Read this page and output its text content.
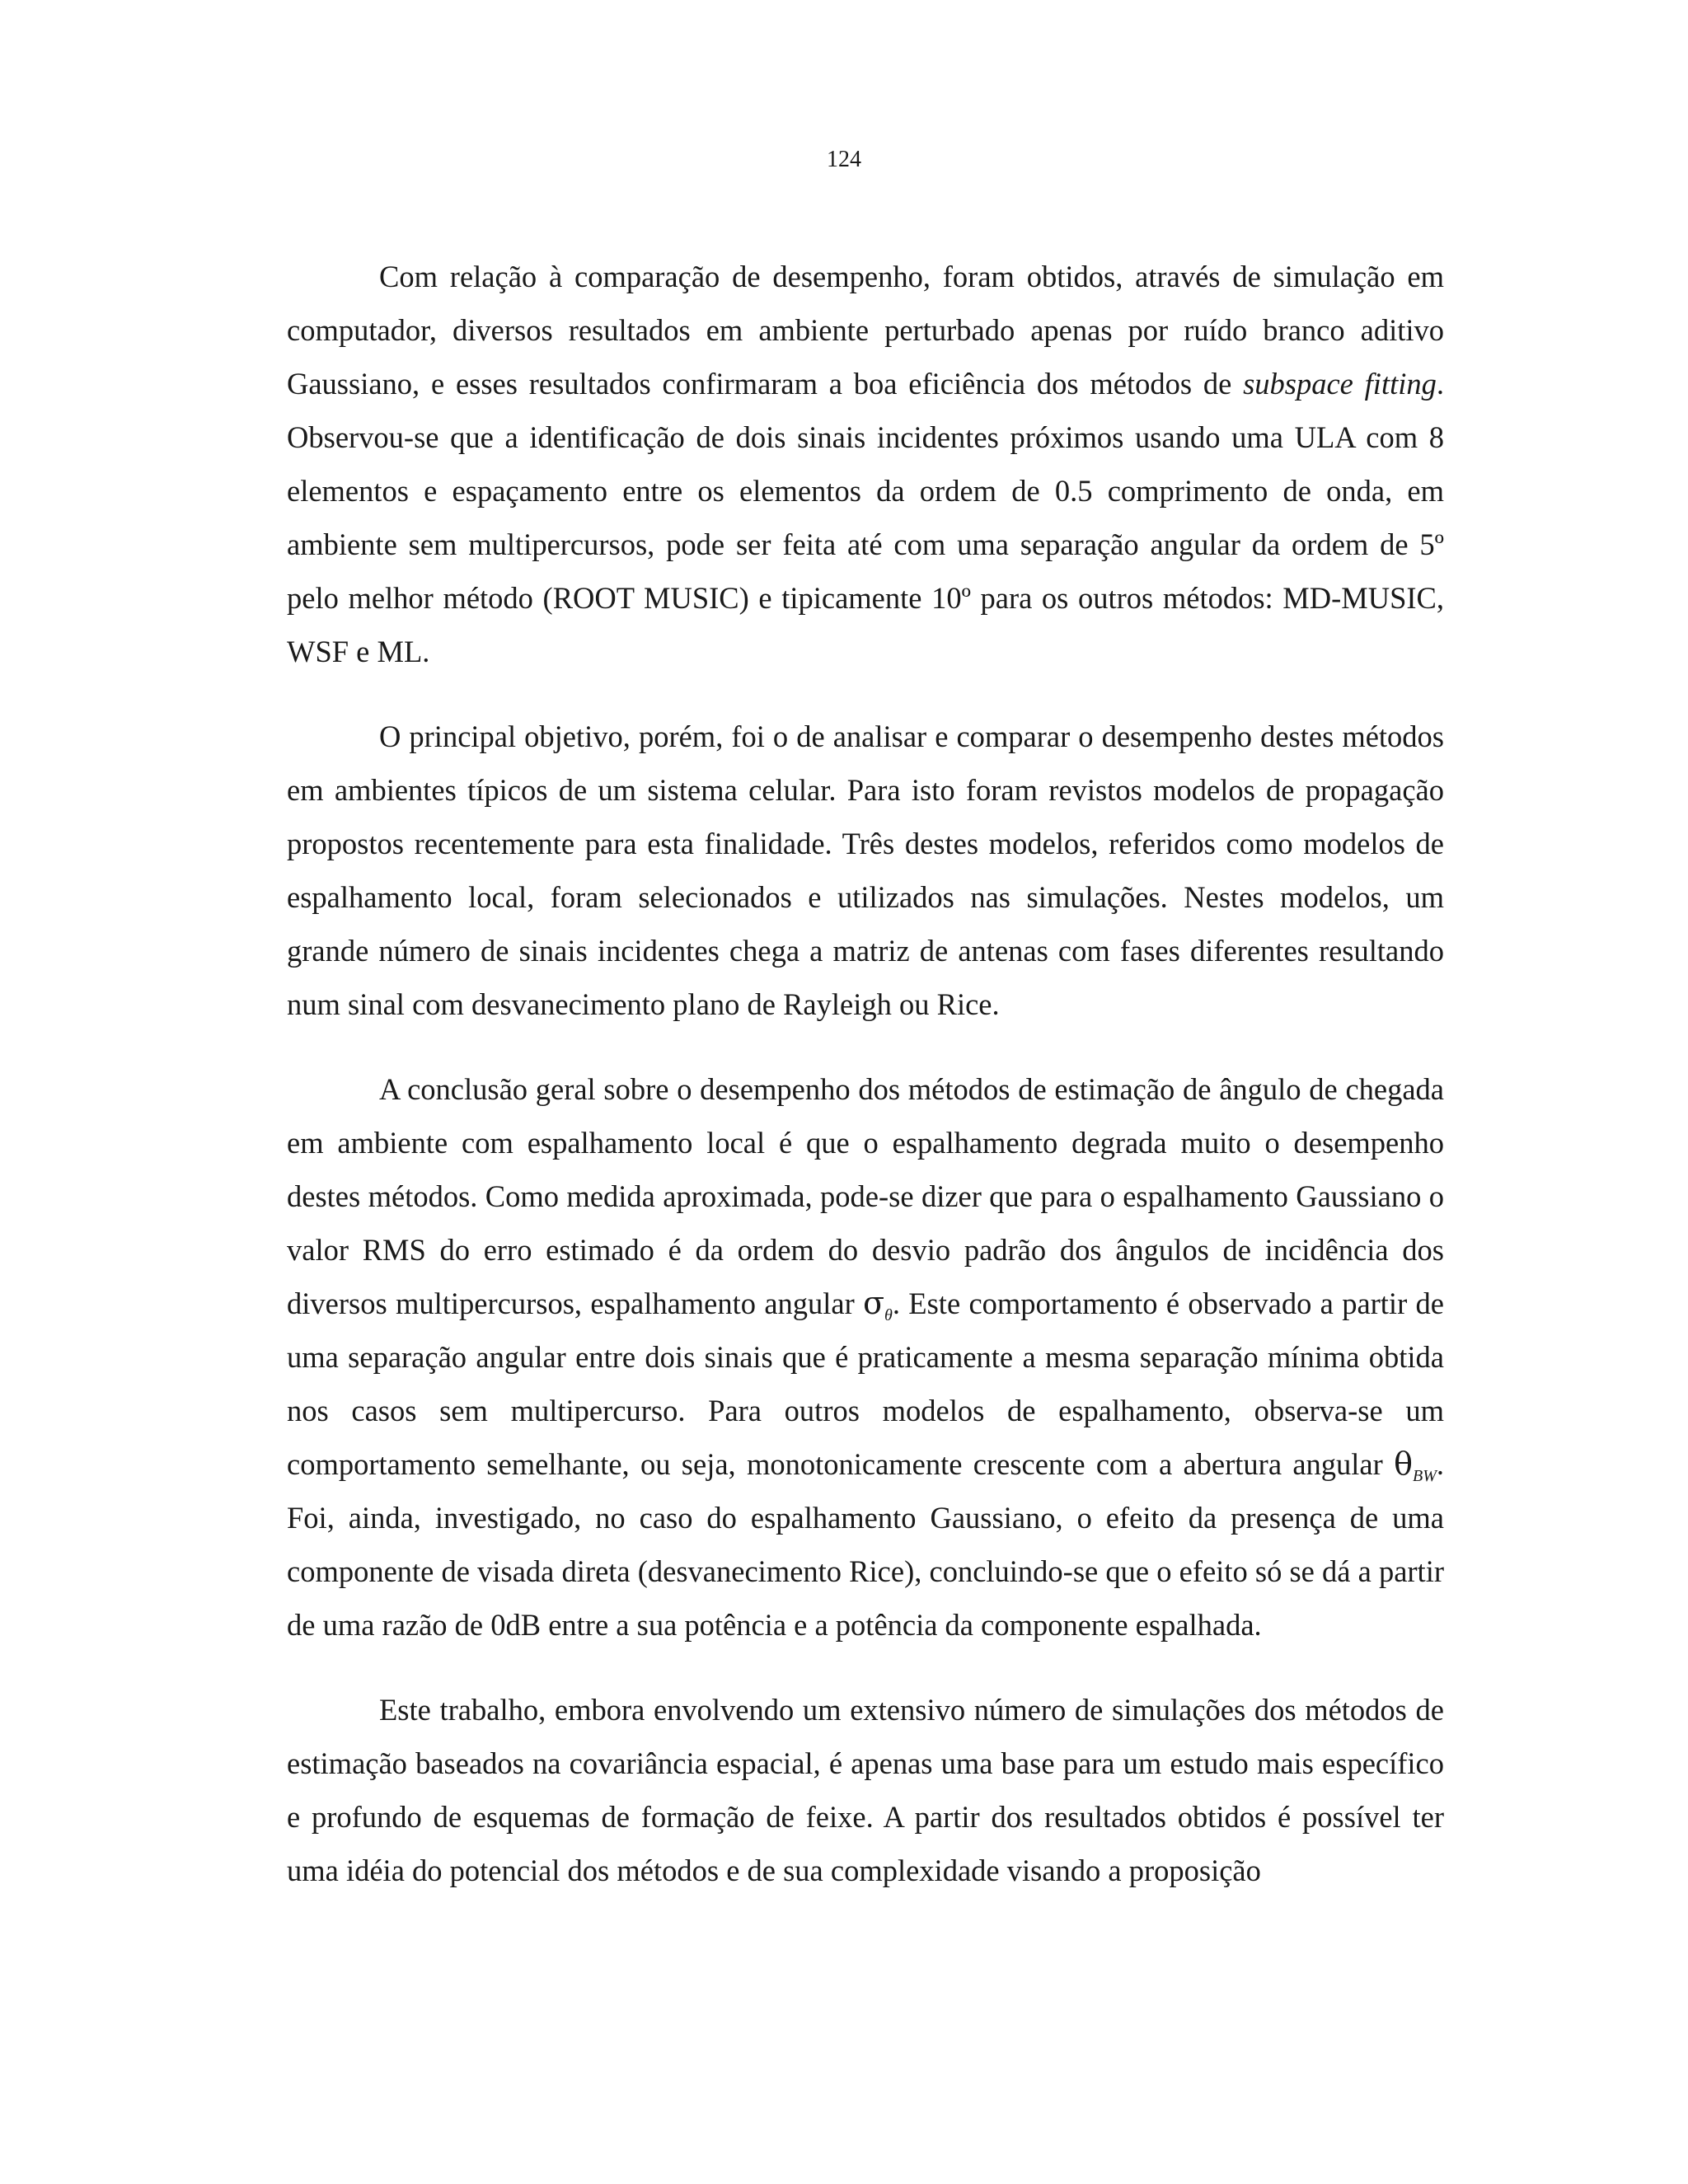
124

Com relação à comparação de desempenho, foram obtidos, através de simulação em computador, diversos resultados em ambiente perturbado apenas por ruído branco aditivo Gaussiano, e esses resultados confirmaram a boa eficiência dos métodos de subspace fitting. Observou-se que a identificação de dois sinais incidentes próximos usando uma ULA com 8 elementos e espaçamento entre os elementos da ordem de 0.5 comprimento de onda, em ambiente sem multipercursos, pode ser feita até com uma separação angular da ordem de 5º pelo melhor método (ROOT MUSIC) e tipicamente 10º para os outros métodos: MD-MUSIC, WSF e ML.

O principal objetivo, porém, foi o de analisar e comparar o desempenho destes métodos em ambientes típicos de um sistema celular. Para isto foram revistos modelos de propagação propostos recentemente para esta finalidade. Três destes modelos, referidos como modelos de espalhamento local, foram selecionados e utilizados nas simulações. Nestes modelos, um grande número de sinais incidentes chega a matriz de antenas com fases diferentes resultando num sinal com desvanecimento plano de Rayleigh ou Rice.

A conclusão geral sobre o desempenho dos métodos de estimação de ângulo de chegada em ambiente com espalhamento local é que o espalhamento degrada muito o desempenho destes métodos. Como medida aproximada, pode-se dizer que para o espalhamento Gaussiano o valor RMS do erro estimado é da ordem do desvio padrão dos ângulos de incidência dos diversos multipercursos, espalhamento angular $\sigma_\theta$. Este comportamento é observado a partir de uma separação angular entre dois sinais que é praticamente a mesma separação mínima obtida nos casos sem multipercurso. Para outros modelos de espalhamento, observa-se um comportamento semelhante, ou seja, monotonicamente crescente com a abertura angular $\theta_{BW}$. Foi, ainda, investigado, no caso do espalhamento Gaussiano, o efeito da presença de uma componente de visada direta (desvanecimento Rice), concluindo-se que o efeito só se dá a partir de uma razão de 0dB entre a sua potência e a potência da componente espalhada.

Este trabalho, embora envolvendo um extensivo número de simulações dos métodos de estimação baseados na covariância espacial, é apenas uma base para um estudo mais específico e profundo de esquemas de formação de feixe. A partir dos resultados obtidos é possível ter uma idéia do potencial dos métodos e de sua complexidade visando a proposição
